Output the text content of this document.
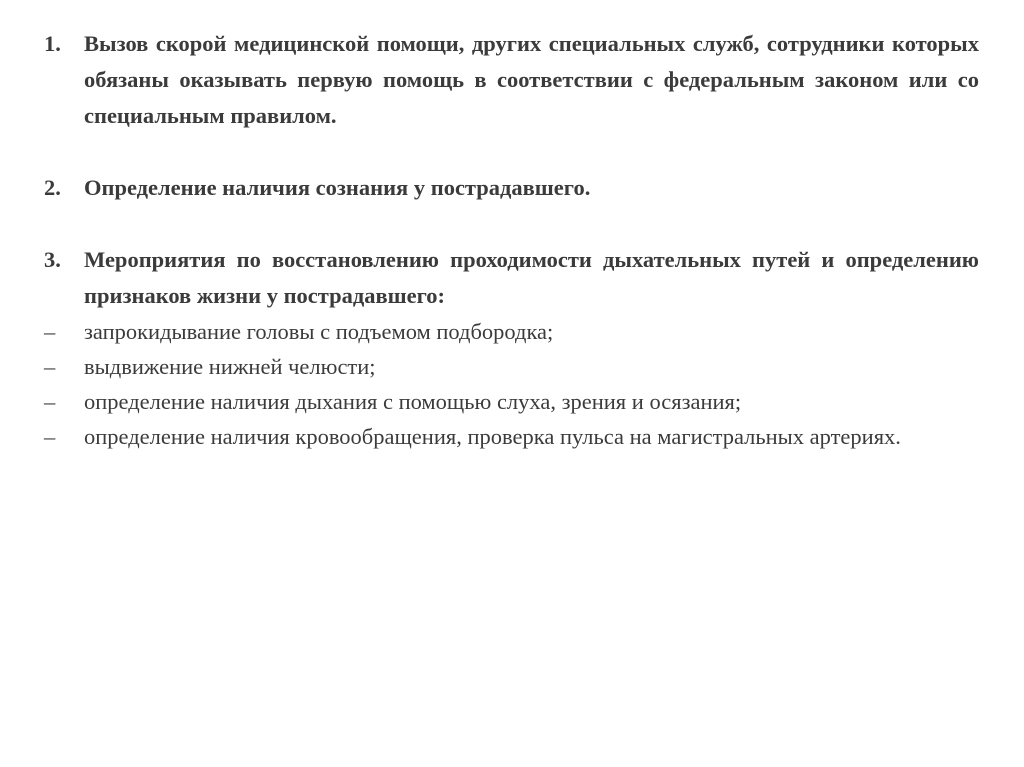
1.	Вызов скорой медицинской помощи, других специальных служб, сотрудники которых обязаны оказывать первую помощь в соответствии с федеральным законом или со специальным правилом.
2.	Определение наличия сознания у пострадавшего.
3.	Мероприятия по восстановлению проходимости дыхательных путей и определению признаков жизни у пострадавшего:
–	запрокидывание головы с подъемом подбородка;
–	выдвижение нижней челюсти;
–	определение наличия дыхания с помощью слуха, зрения и осязания;
–	определение наличия кровообращения, проверка пульса на магистральных артериях.
